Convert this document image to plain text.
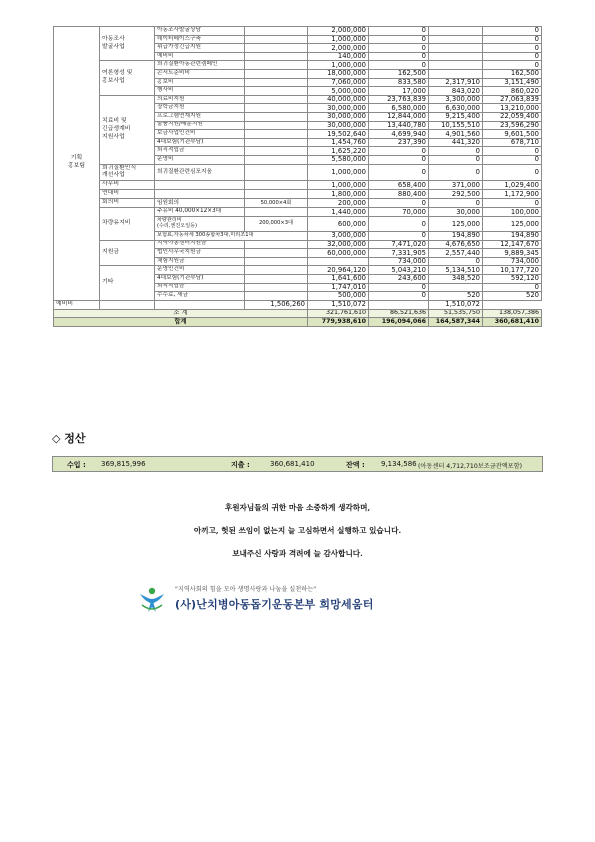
기획
홍보팀	아동조사
발굴사업	아동조사발굴상담		2,000,000	0		0
		데이터베이스구축		1,000,000	0		0
		위급가정긴급지원		2,000,000	0		0
		예비비		140,000	0		0
	여론형성 및
홍보사업	희귀질환아동관련캠페인		1,000,000	0		0
		콘서트준비비		18,000,000	162,500		162,500
		홍보비		7,060,000	833,580	2,317,910	3,151,490
		행사비		5,000,000	17,000	843,020	860,020
	치료비 및
긴급생계비
지원사업	의료비지원		40,000,000	23,763,839	3,300,000	27,063,839
		장학금지원		30,000,000	6,580,000	6,630,000	13,210,000
		프로그램연계지원		30,000,000	12,844,000	9,215,400	22,059,400
		물품지원/배분지원		30,000,000	13,440,780	10,155,510	23,596,290
		보금사업인건비		19,502,640	4,699,940	4,901,560	9,601,500
		4대보험(기관부담)		1,454,760	237,390	441,320	678,710
		퇴직적립금		1,625,220	0	0	0
		운영비		5,580,000	0	0	0
	희귀질환인식
개선사업	희귀질환관련심포지움		1,000,000	0	0	0
	사무비			1,000,000	658,400	371,000	1,029,400
	연대비			1,800,000	880,400	292,500	1,172,900
	회의비	임원회의	50,000×4회	200,000	0	0	0
	차량유지비	주유비 40,000×12×3대		1,440,000	70,000	30,000	100,000
		차량관리비
(수리,엔진오일등)	200,000×3대	600,000	0	125,000	125,000
		보험료,자동차세 300송합차3대,미리조1대		3,000,000	0	194,890	194,890
	지원금	지역아동센터지원금		32,000,000	7,471,020	4,676,650	12,147,670
		법인사무국지원금		60,000,000	7,331,905	2,557,440	9,889,345
		채험지원금			734,000	0	734,000
	기타	운영인건비		20,964,120	5,043,210	5,134,510	10,177,720
		4대보험(기관부담)		1,641,600	243,600	348,520	592,120
		퇴직적립금		1,747,010	0		0
		수수료, 세금		500,000	0	520	520
예비비			1,506,260	1,510,072		1,510,072	
소 계				321,761,610	86,521,636	51,535,750	138,057,386
합계				779,938,610	196,094,066	164,587,344	360,681,410
◇ 정산
수입 : 369,815,996	지출 :	360,681,410	잔액 : 9,134,586 (아동센터 4,712,710보조금잔액포함)
후원자님들의 귀한 마음 소중하게 생각하며,
아끼고, 헛된 쓰임이 없는지 늘 고심하면서 실행하고 있습니다.
보내주신 사랑과 격려에 늘 감사합니다.
"지역사회의 힘을 모아 생명사랑과 나눔을 실천하는"
(사)난치병아동돕기운동본부 희망세움터
